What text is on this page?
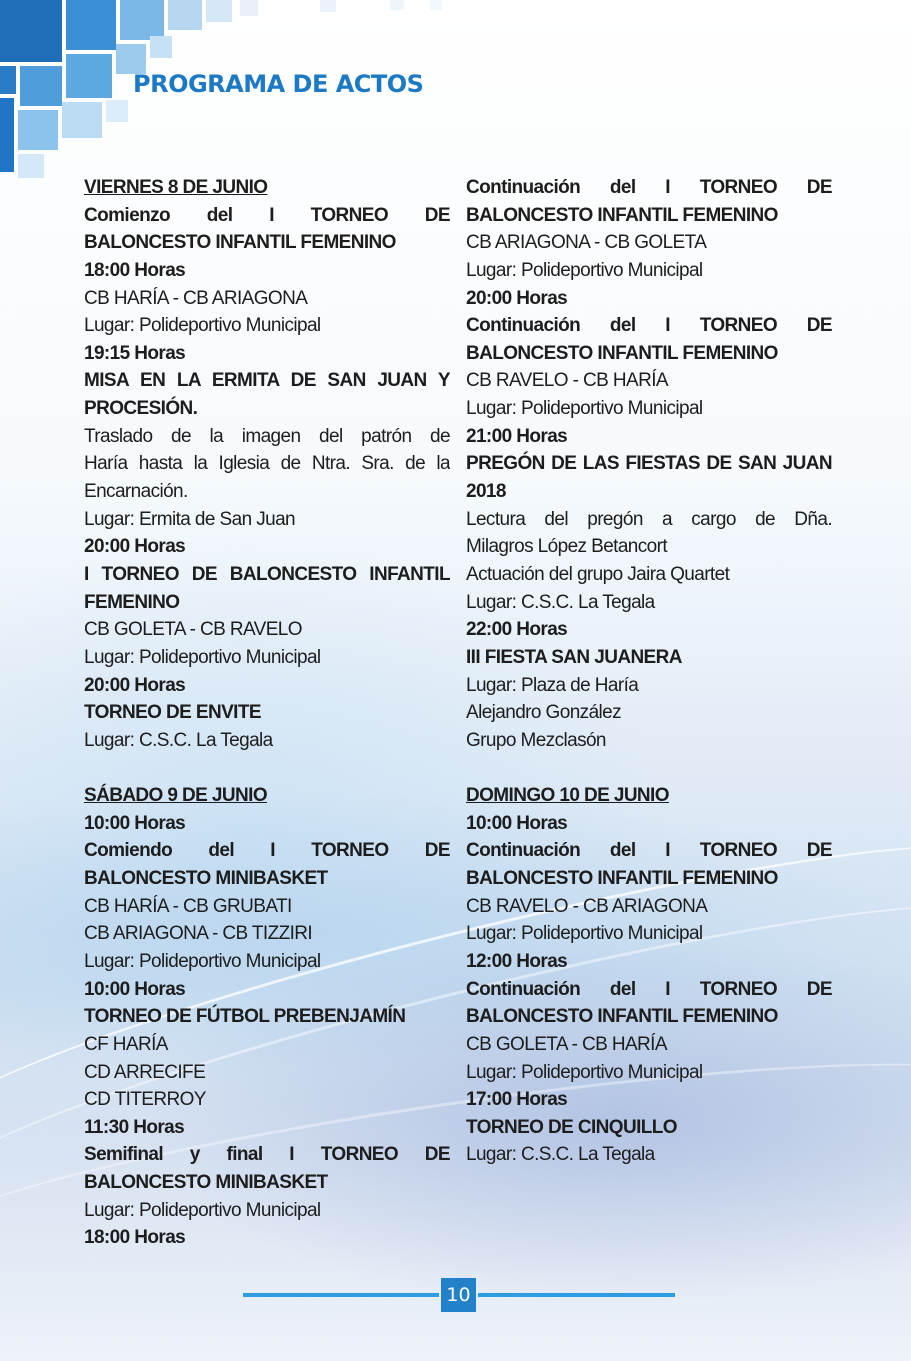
PROGRAMA DE ACTOS
VIERNES 8 DE JUNIO
Comienzo del I TORNEO DE
BALONCESTO INFANTIL FEMENINO
18:00 Horas
CB HARÍA - CB ARIAGONA
Lugar: Polideportivo Municipal
19:15 Horas
MISA EN LA ERMITA DE SAN JUAN Y
PROCESIÓN.
Traslado de la imagen del patrón de
Haría hasta la Iglesia de Ntra. Sra. de la
Encarnación.
Lugar: Ermita de San Juan
20:00 Horas
I TORNEO DE BALONCESTO INFANTIL
FEMENINO
CB GOLETA - CB RAVELO
Lugar: Polideportivo Municipal
20:00 Horas
TORNEO DE ENVITE
Lugar: C.S.C. La Tegala
SÁBADO 9 DE JUNIO
10:00 Horas
Comiendo del I TORNEO DE
BALONCESTO MINIBASKET
CB HARÍA - CB GRUBATI
CB ARIAGONA - CB TIZZIRI
Lugar: Polideportivo Municipal
10:00 Horas
TORNEO DE FÚTBOL PREBENJAMÍN
CF HARÍA
CD ARRECIFE
CD TITERROY
11:30 Horas
Semifinal y final I TORNEO DE
BALONCESTO MINIBASKET
Lugar: Polideportivo Municipal
18:00 Horas
Continuación del I TORNEO DE
BALONCESTO INFANTIL FEMENINO
CB ARIAGONA - CB GOLETA
Lugar: Polideportivo Municipal
20:00 Horas
Continuación del I TORNEO DE
BALONCESTO INFANTIL FEMENINO
CB RAVELO - CB HARÍA
Lugar: Polideportivo Municipal
21:00 Horas
PREGÓN DE LAS FIESTAS DE SAN JUAN
2018
Lectura del pregón a cargo de Dña.
Milagros López Betancort
Actuación del grupo Jaira Quartet
Lugar: C.S.C. La Tegala
22:00 Horas
III FIESTA SAN JUANERA
Lugar: Plaza de Haría
Alejandro González
Grupo Mezclasón
DOMINGO 10 DE JUNIO
10:00 Horas
Continuación del I TORNEO DE
BALONCESTO INFANTIL FEMENINO
CB RAVELO - CB ARIAGONA
Lugar: Polideportivo Municipal
12:00 Horas
Continuación del I TORNEO DE
BALONCESTO INFANTIL FEMENINO
CB GOLETA - CB HARÍA
Lugar: Polideportivo Municipal
17:00 Horas
TORNEO DE CINQUILLO
Lugar: C.S.C. La Tegala
10
